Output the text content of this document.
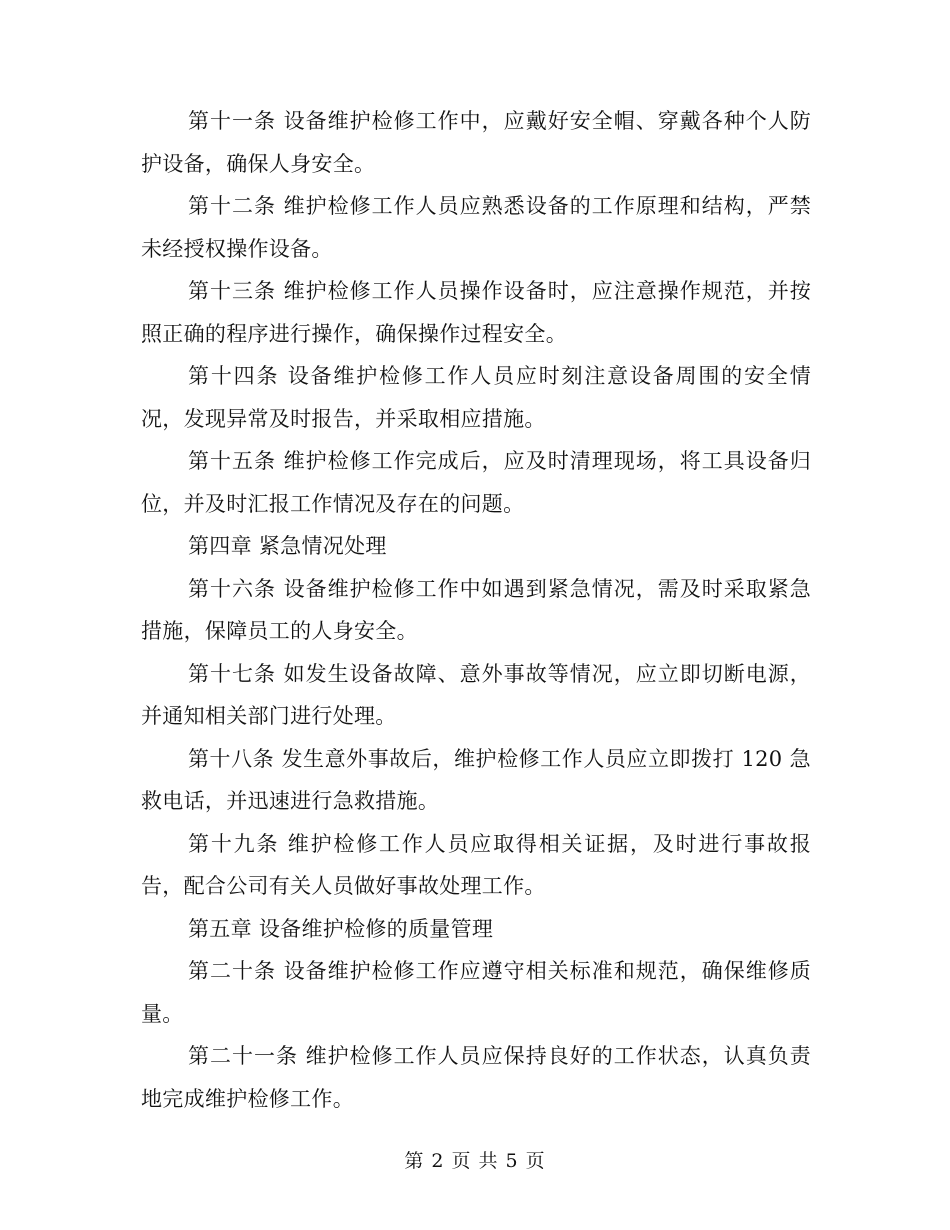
第十一条 设备维护检修工作中，应戴好安全帽、穿戴各种个人防护设备，确保人身安全。

第十二条 维护检修工作人员应熟悉设备的工作原理和结构，严禁未经授权操作设备。

第十三条 维护检修工作人员操作设备时，应注意操作规范，并按照正确的程序进行操作，确保操作过程安全。

第十四条 设备维护检修工作人员应时刻注意设备周围的安全情况，发现异常及时报告，并采取相应措施。

第十五条 维护检修工作完成后，应及时清理现场，将工具设备归位，并及时汇报工作情况及存在的问题。

第四章 紧急情况处理

第十六条 设备维护检修工作中如遇到紧急情况，需及时采取紧急措施，保障员工的人身安全。

第十七条 如发生设备故障、意外事故等情况，应立即切断电源，并通知相关部门进行处理。

第十八条 发生意外事故后，维护检修工作人员应立即拨打 120 急救电话，并迅速进行急救措施。

第十九条 维护检修工作人员应取得相关证据，及时进行事故报告，配合公司有关人员做好事故处理工作。

第五章 设备维护检修的质量管理

第二十条 设备维护检修工作应遵守相关标准和规范，确保维修质量。

第二十一条 维护检修工作人员应保持良好的工作状态，认真负责地完成维护检修工作。

第 2 页 共 5 页
